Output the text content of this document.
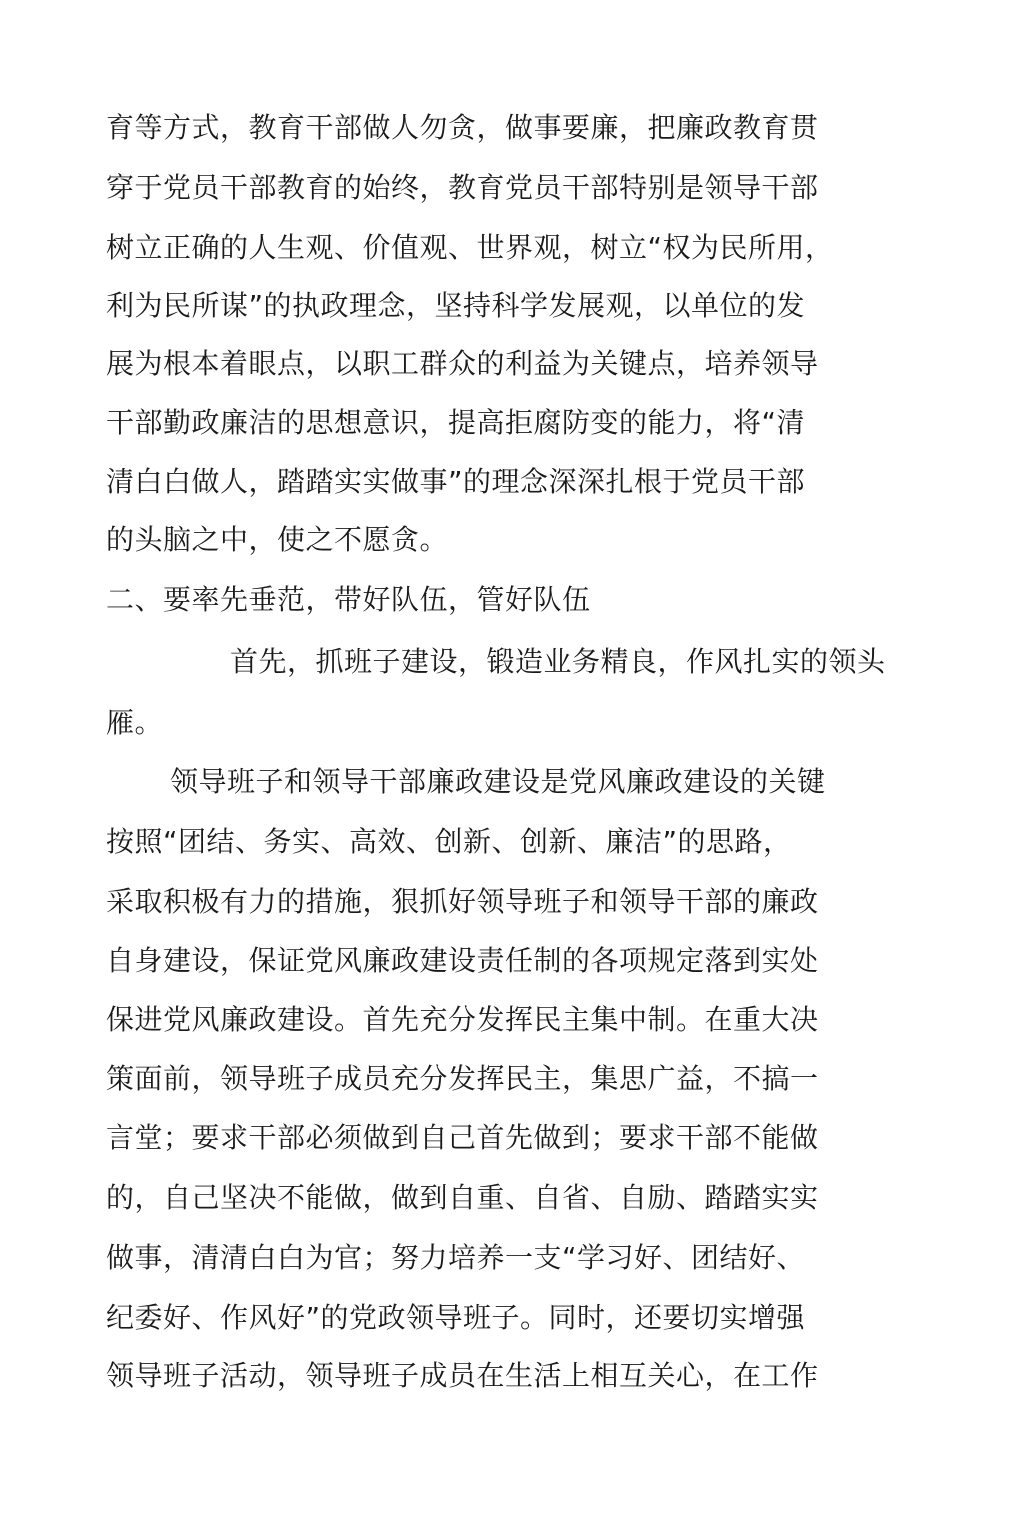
育等方式，教育干部做人勿贪，做事要廉，把廉政教育贯
穿于党员干部教育的始终，教育党员干部特别是领导干部
树立正确的人生观、价值观、世界观，树立“权为民所用，
利为民所谋”的执政理念，坚持科学发展观，以单位的发
展为根本着眼点，以职工群众的利益为关键点，培养领导
干部勤政廉洁的思想意识，提高拒腐防变的能力，将“清
清白白做人，踏踏实实做事”的理念深深扎根于党员干部
的头脑之中，使之不愿贪。
二、要率先垂范，带好队伍，管好队伍
首先，抓班子建设，锻造业务精良，作风扎实的领头
雁。
领导班子和领导干部廉政建设是党风廉政建设的关键
按照“团结、务实、高效、创新、创新、廉洁”的思路，
采取积极有力的措施，狠抓好领导班子和领导干部的廉政
自身建设，保证党风廉政建设责任制的各项规定落到实处
保进党风廉政建设。首先充分发挥民主集中制。在重大决
策面前，领导班子成员充分发挥民主，集思广益，不搞一
言堂；要求干部必须做到自己首先做到；要求干部不能做
的，自己坚决不能做，做到自重、自省、自励、踏踏实实
做事，清清白白为官；努力培养一支“学习好、团结好、
纪委好、作风好”的党政领导班子。同时，还要切实增强
领导班子活动，领导班子成员在生活上相互关心，在工作
